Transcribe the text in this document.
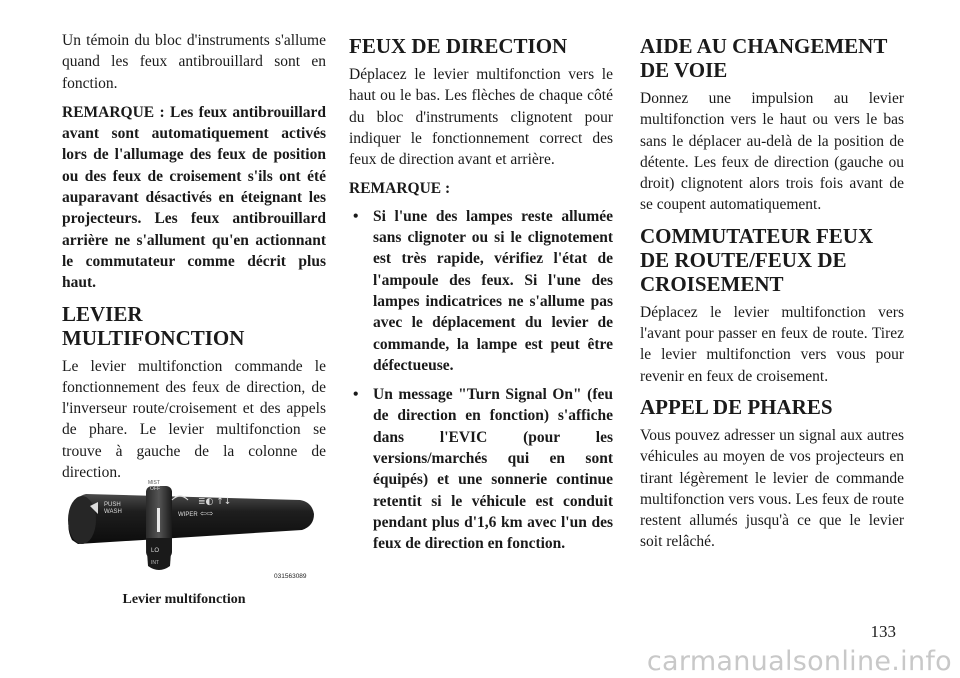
Un témoin du bloc d'instruments s'allume quand les feux antibrouillard sont en fonction.

REMARQUE : Les feux antibrouillard avant sont automatiquement activés lors de l'allumage des feux de position ou des feux de croisement s'ils ont été auparavant désactivés en éteignant les projecteurs. Les feux antibrouillard arrière ne s'allument qu'en actionnant le commutateur comme décrit plus haut.

LEVIER MULTIFONCTION

Le levier multifonction commande le fonctionnement des feux de direction, de l'inverseur route/croisement et des appels de phare. Le levier multifonction se trouve à gauche de la colonne de direction.

PUSH
WASH
MIST
OFF
LO
INT
WIPER
≣◐ ↑↓
⇦⇨
031563089
Levier multifonction
FEUX DE DIRECTION

Déplacez le levier multifonction vers le haut ou le bas. Les flèches de chaque côté du bloc d'instruments clignotent pour indiquer le fonctionnement correct des feux de direction avant et arrière.

REMARQUE :

• Si l'une des lampes reste allumée sans clignoter ou si le clignotement est très rapide, vérifiez l'état de l'ampoule des feux. Si l'une des lampes indicatrices ne s'allume pas avec le déplacement du levier de commande, la lampe est peut être défectueuse.
• Un message "Turn Signal On" (feu de direction en fonction) s'affiche dans l'EVIC (pour les versions/marchés qui en sont équipés) et une sonnerie continue retentit si le véhicule est conduit pendant plus d'1,6 km avec l'un des feux de direction en fonction.
AIDE AU CHANGEMENT DE VOIE

Donnez une impulsion au levier multifonction vers le haut ou vers le bas sans le déplacer au-delà de la position de détente. Les feux de direction (gauche ou droit) clignotent alors trois fois avant de se coupent automatiquement.

COMMUTATEUR FEUX DE ROUTE/FEUX DE CROISEMENT

Déplacez le levier multifonction vers l'avant pour passer en feux de route. Tirez le levier multifonction vers vous pour revenir en feux de croisement.

APPEL DE PHARES

Vous pouvez adresser un signal aux autres véhicules au moyen de vos projecteurs en tirant légèrement le levier de commande multifonction vers vous. Les feux de route restent allumés jusqu'à ce que le levier soit relâché.

133
carmanualsonline.info
